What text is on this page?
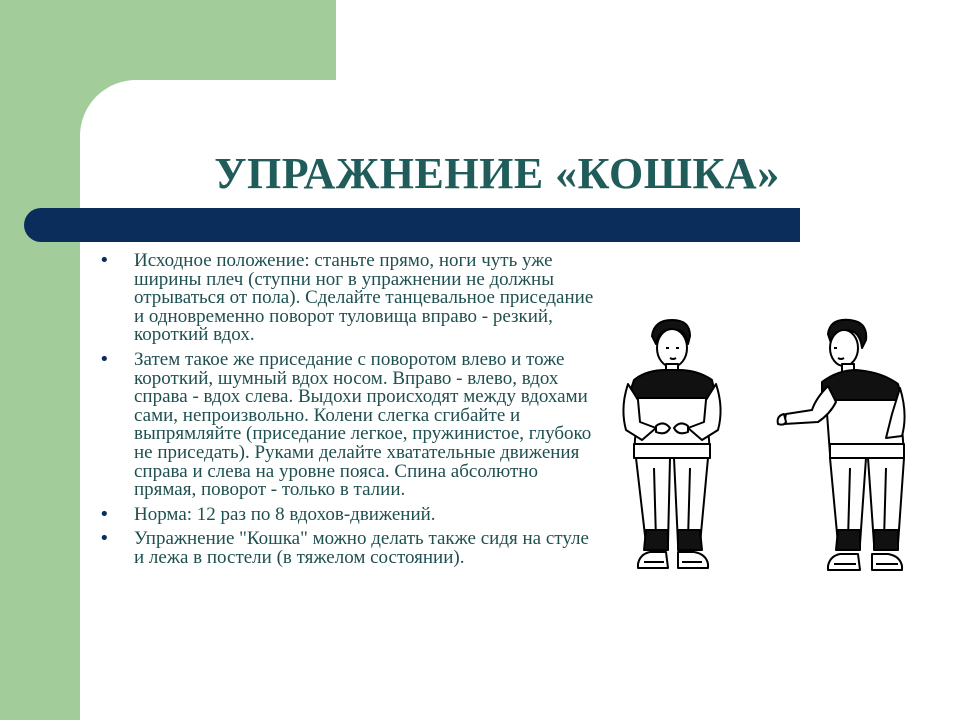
УПРАЖНЕНИЕ «КОШКА»
• Исходное положение: станьте прямо, ноги чуть уже ширины плеч (ступни ног в упражнении не должны отрываться от пола). Сделайте танцевальное приседание и одновременно поворот туловища вправо - резкий, короткий вдох.
• Затем такое же приседание с поворотом влево и тоже короткий, шумный вдох носом. Вправо - влево, вдох справа - вдох слева. Выдохи происходят между вдохами сами, непроизвольно. Колени слегка сгибайте и выпрямляйте (приседание легкое, пружинистое, глубоко не приседать). Руками делайте хватательные движения справа и слева на уровне пояса. Спина абсолютно прямая, поворот - только в талии.
• Норма: 12 раз по 8 вдохов-движений.
• Упражнение "Кошка" можно делать также сидя на стуле и лежа в постели (в тяжелом состоянии).
